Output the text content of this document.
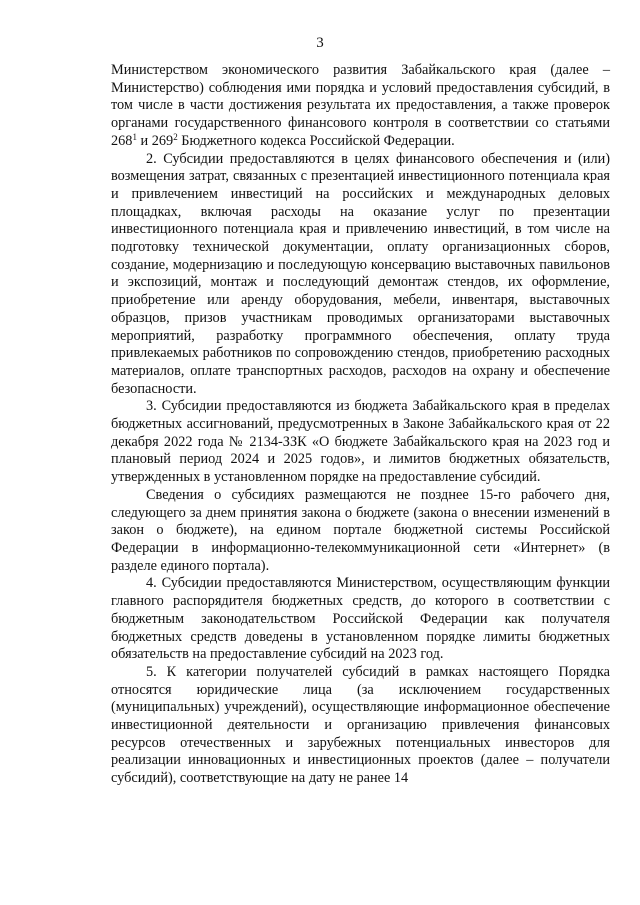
3

Министерством экономического развития Забайкальского края (далее – Министерство) соблюдения ими порядка и условий предоставления субсидий, в том числе в части достижения результата их предоставления, а также проверок органами государственного финансового контроля в соответствии со статьями $268^1$ и $269^2$ Бюджетного кодекса Российской Федерации.

2. Субсидии предоставляются в целях финансового обеспечения и (или) возмещения затрат, связанных с презентацией инвестиционного потенциала края и привлечением инвестиций на российских и международных деловых площадках, включая расходы на оказание услуг по презентации инвестиционного потенциала края и привлечению инвестиций, в том числе на подготовку технической документации, оплату организационных сборов, создание, модернизацию и последующую консервацию выставочных павильонов и экспозиций, монтаж и последующий демонтаж стендов, их оформление, приобретение или аренду оборудования, мебели, инвентаря, выставочных образцов, призов участникам проводимых организаторами выставочных мероприятий, разработку программного обеспечения, оплату труда привлекаемых работников по сопровождению стендов, приобретению расходных материалов, оплате транспортных расходов, расходов на охрану и обеспечение безопасности.

3. Субсидии предоставляются из бюджета Забайкальского края в пределах бюджетных ассигнований, предусмотренных в Законе Забайкальского края от 22 декабря 2022 года № 2134-ЗЗК «О бюджете Забайкальского края на 2023 год и плановый период 2024 и 2025 годов», и лимитов бюджетных обязательств, утвержденных в установленном порядке на предоставление субсидий.

Сведения о субсидиях размещаются не позднее 15-го рабочего дня, следующего за днем принятия закона о бюджете (закона о внесении изменений в закон о бюджете), на едином портале бюджетной системы Российской Федерации в информационно-телекоммуникационной сети «Интернет» (в разделе единого портала).

4. Субсидии предоставляются Министерством, осуществляющим функции главного распорядителя бюджетных средств, до которого в соответствии с бюджетным законодательством Российской Федерации как получателя бюджетных средств доведены в установленном порядке лимиты бюджетных обязательств на предоставление субсидий на 2023 год.

5. К категории получателей субсидий в рамках настоящего Порядка относятся юридические лица (за исключением государственных (муниципальных) учреждений), осуществляющие информационное обеспечение инвестиционной деятельности и организацию привлечения финансовых ресурсов отечественных и зарубежных потенциальных инвесторов для реализации инновационных и инвестиционных проектов (далее – получатели субсидий), соответствующие на дату не ранее 14
